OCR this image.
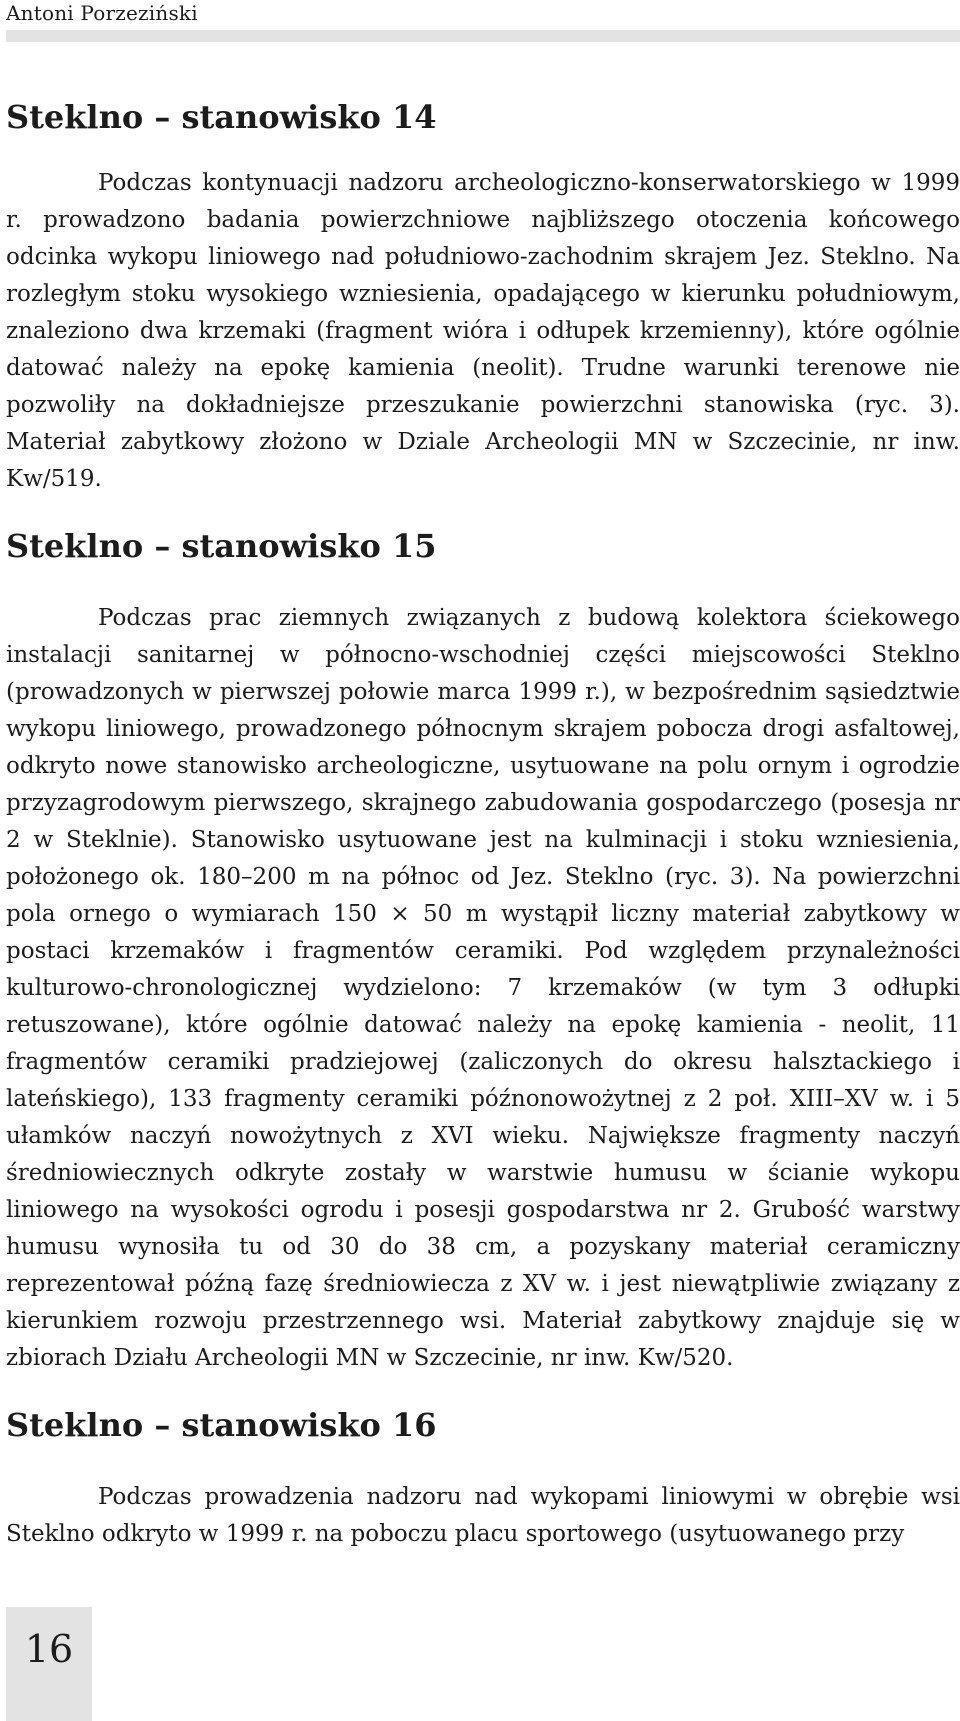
Antoni Porzeziński
Steklno – stanowisko 14

Podczas kontynuacji nadzoru archeologiczno-konserwatorskiego w 1999 r. prowadzono badania powierzchniowe najbliższego otoczenia końcowego odcinka wykopu liniowego nad południowo-zachodnim skrajem Jez. Steklno. Na rozległym stoku wysokiego wzniesienia, opadającego w kierunku południowym, znaleziono dwa krzemaki (fragment wióra i odłupek krzemienny), które ogólnie datować należy na epokę kamienia (neolit). Trudne warunki terenowe nie pozwoliły na dokładniejsze przeszukanie powierzchni stanowiska (ryc. 3). Materiał zabytkowy złożono w Dziale Archeologii MN w Szczecinie, nr inw. Kw/519.

Steklno – stanowisko 15

Podczas prac ziemnych związanych z budową kolektora ściekowego instalacji sanitarnej w północno-wschodniej części miejscowości Steklno (prowadzonych w pierwszej połowie marca 1999 r.), w bezpośrednim sąsiedztwie wykopu liniowego, prowadzonego północnym skrajem pobocza drogi asfaltowej, odkryto nowe stanowisko archeologiczne, usytuowane na polu ornym i ogrodzie przyzagrodowym pierwszego, skrajnego zabudowania gospodarczego (posesja nr 2 w Steklnie). Stanowisko usytuowane jest na kulminacji i stoku wzniesienia, położonego ok. 180–200 m na północ od Jez. Steklno (ryc. 3). Na powierzchni pola ornego o wymiarach 150 × 50 m wystąpił liczny materiał zabytkowy w postaci krzemaków i fragmentów ceramiki. Pod względem przynależności kulturowo-chronologicznej wydzielono: 7 krzemaków (w tym 3 odłupki retuszowane), które ogólnie datować należy na epokę kamienia - neolit, 11 fragmentów ceramiki pradziejowej (zaliczonych do okresu halsztackiego i lateńskiego), 133 fragmenty ceramiki późnonowożytnej z 2 poł. XIII–XV w. i 5 ułamków naczyń nowożytnych z XVI wieku. Największe fragmenty naczyń średniowiecznych odkryte zostały w warstwie humusu w ścianie wykopu liniowego na wysokości ogrodu i posesji gospodarstwa nr 2. Grubość warstwy humusu wynosiła tu od 30 do 38 cm, a pozyskany materiał ceramiczny reprezentował późną fazę średniowiecza z XV w. i jest niewątpliwie związany z kierunkiem rozwoju przestrzennego wsi. Materiał zabytkowy znajduje się w zbiorach Działu Archeologii MN w Szczecinie, nr inw. Kw/520.

Steklno – stanowisko 16

Podczas prowadzenia nadzoru nad wykopami liniowymi w obrębie wsi Steklno odkryto w 1999 r. na poboczu placu sportowego (usytuowanego przy

16
